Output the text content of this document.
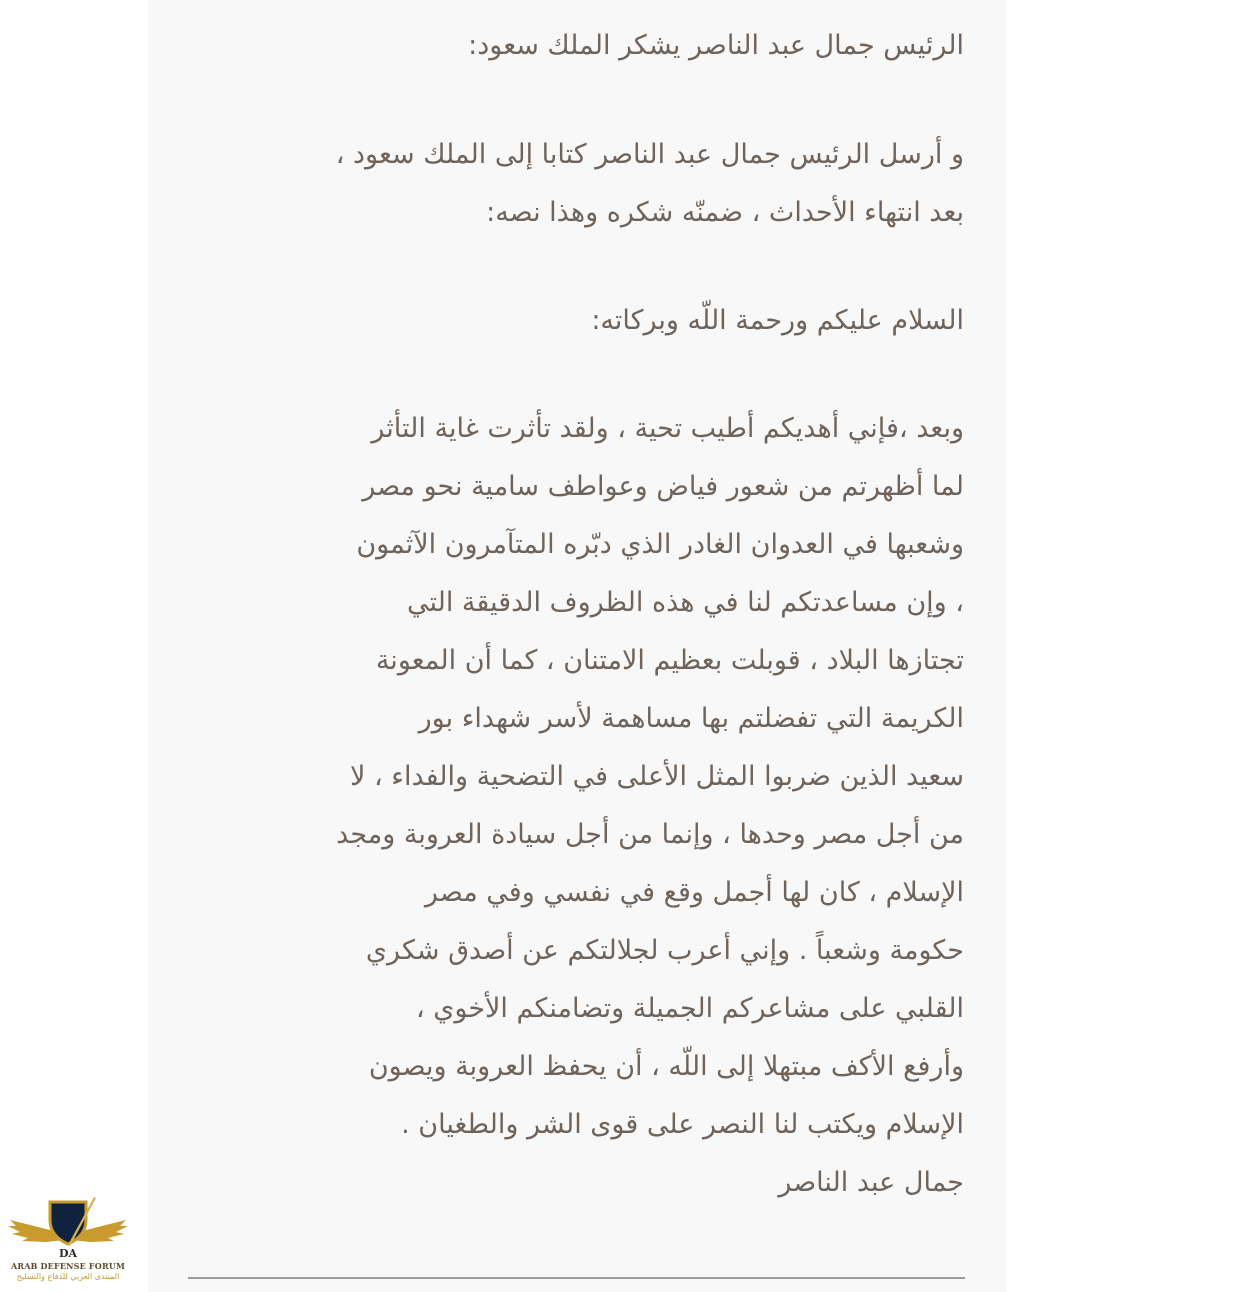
الرئيس جمال عبد الناصر يشكر الملك سعود:

و أرسل الرئيس جمال عبد الناصر كتابا إلى الملك سعود ،

بعد انتهاء الأحداث ، ضمنّه شكره وهذا نصه:

السلام عليكم ورحمة اللّه وبركاته:

وبعد ،فإني أهديكم أطيب تحية ، ولقد تأثرت غاية التأثر

لما أظهرتم من شعور فياض وعواطف سامية نحو مصر

وشعبها في العدوان الغادر الذي دبّره المتآمرون الآثمون

، وإن مساعدتكم لنا في هذه الظروف الدقيقة التي

تجتازها البلاد ، قوبلت بعظيم الامتنان ، كما أن المعونة

الكريمة التي تفضلتم بها مساهمة لأسر شهداء بور

سعيد الذين ضربوا المثل الأعلى في التضحية والفداء ، لا

من أجل مصر وحدها ، وإنما من أجل سيادة العروبة ومجد

الإسلام ، كان لها أجمل وقع في نفسي وفي مصر

حكومة وشعباً . وإني أعرب لجلالتكم عن أصدق شكري

القلبي على مشاعركم الجميلة وتضامنكم الأخوي ،

وأرفع الأكف مبتهلا إلى اللّه ، أن يحفظ العروبة ويصون

الإسلام ويكتب لنا النصر على قوى الشر والطغيان .

جمال عبد الناصر

DA
ARAB DEFENSE FORUM
المنتدى العربي للدفاع والتسليح
